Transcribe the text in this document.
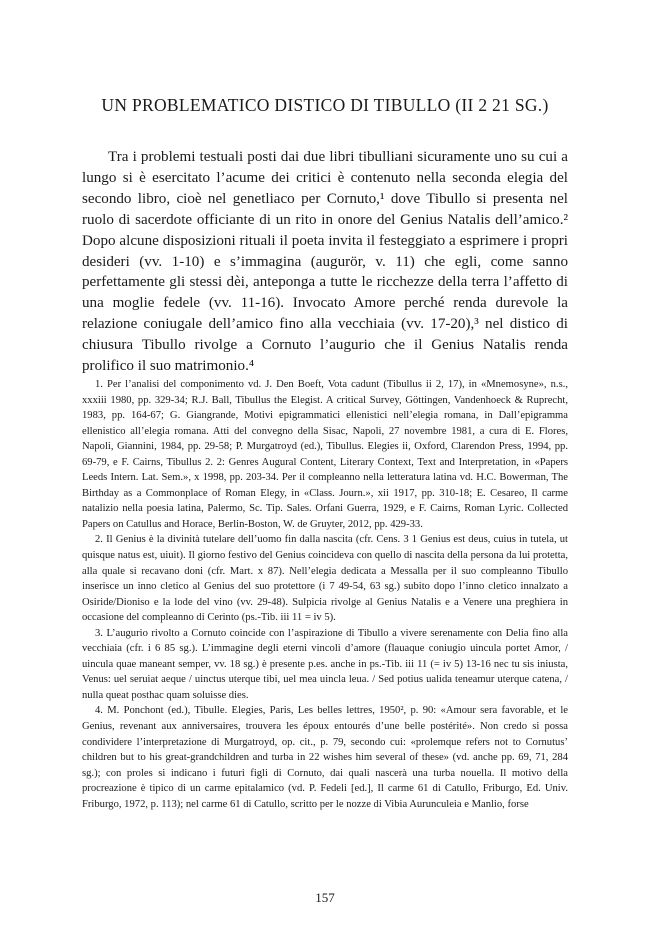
UN PROBLEMATICO DISTICO DI TIBULLO (II 2 21 SG.)

Tra i problemi testuali posti dai due libri tibulliani sicuramente uno su cui a lungo si è esercitato l’acume dei critici è contenuto nella seconda elegia del secondo libro, cioè nel genetliaco per Cornuto,¹ dove Tibullo si presenta nel ruolo di sacerdote officiante di un rito in onore del Genius Natalis dell’amico.² Dopo alcune disposizioni rituali il poeta invita il festeggiato a esprimere i propri desideri (vv. 1-10) e s’immagina (augurör, v. 11) che egli, come sanno perfettamente gli stessi dèi, anteponga a tutte le ricchezze della terra l’affetto di una moglie fedele (vv. 11-16). Invocato Amore perché renda durevole la relazione coniugale dell’amico fino alla vecchiaia (vv. 17-20),³ nel distico di chiusura Tibullo rivolge a Cornuto l’augurio che il Genius Natalis renda prolifico il suo matrimonio.⁴

1. Per l’analisi del componimento vd. J. Den Boeft, Vota cadunt (Tibullus ii 2, 17), in «Mnemosyne», n.s., xxxiii 1980, pp. 329-34; R.J. Ball, Tibullus the Elegist. A critical Survey, Göttingen, Vandenhoeck & Ruprecht, 1983, pp. 164-67; G. Giangrande, Motivi epigrammatici ellenistici nell’elegia romana, in Dall’epigramma ellenistico all’elegia romana. Atti del convegno della Sisac, Napoli, 27 novembre 1981, a cura di E. Flores, Napoli, Giannini, 1984, pp. 29-58; P. Murgatroyd (ed.), Tibullus. Elegies ii, Oxford, Clarendon Press, 1994, pp. 69-79, e F. Cairns, Tibullus 2. 2: Genres Augural Content, Literary Context, Text and Interpretation, in «Papers Leeds Intern. Lat. Sem.», x 1998, pp. 203-34. Per il compleanno nella letteratura latina vd. H.C. Bowerman, The Birthday as a Commonplace of Roman Elegy, in «Class. Journ.», xii 1917, pp. 310-18; E. Cesareo, Il carme natalizio nella poesia latina, Palermo, Sc. Tip. Sales. Orfani Guerra, 1929, e F. Cairns, Roman Lyric. Collected Papers on Catullus and Horace, Berlin-Boston, W. de Gruyter, 2012, pp. 429-33.

2. Il Genius è la divinità tutelare dell’uomo fin dalla nascita (cfr. Cens. 3 1 Genius est deus, cuius in tutela, ut quisque natus est, uiuit). Il giorno festivo del Genius coincideva con quello di nascita della persona da lui protetta, alla quale si recavano doni (cfr. Mart. x 87). Nell’elegia dedicata a Messalla per il suo compleanno Tibullo inserisce un inno cletico al Genius del suo protettore (i 7 49-54, 63 sg.) subito dopo l’inno cletico innalzato a Osiride/Dioniso e la lode del vino (vv. 29-48). Sulpicia rivolge al Genius Natalis e a Venere una preghiera in occasione del compleanno di Cerinto (ps.-Tib. iii 11 = iv 5).

3. L’augurio rivolto a Cornuto coincide con l’aspirazione di Tibullo a vivere serenamente con Delia fino alla vecchiaia (cfr. i 6 85 sg.). L’immagine degli eterni vincoli d’amore (flauaque coniugio uincula portet Amor, / uincula quae maneant semper, vv. 18 sg.) è presente p.es. anche in ps.-Tib. iii 11 (= iv 5) 13-16 nec tu sis iniusta, Venus: uel seruiat aeque / uinctus uterque tibi, uel mea uincla leua. / Sed potius ualida teneamur uterque catena, / nulla queat posthac quam soluisse dies.

4. M. Ponchont (ed.), Tibulle. Elegies, Paris, Les belles lettres, 1950², p. 90: «Amour sera favorable, et le Genius, revenant aux anniversaires, trouvera les époux entourés d’une belle postérité». Non credo si possa condividere l’interpretazione di Murgatroyd, op. cit., p. 79, secondo cui: «prolemque refers not to Cornutus’ children but to his great-grandchildren and turba in 22 wishes him several of these» (vd. anche pp. 69, 71, 284 sg.); con proles si indicano i futuri figli di Cornuto, dai quali nascerà una turba nouella. Il motivo della procreazione è tipico di un carme epitalamico (vd. P. Fedeli [ed.], Il carme 61 di Catullo, Friburgo, Ed. Univ. Friburgo, 1972, p. 113); nel carme 61 di Catullo, scritto per le nozze di Vibia Aurunculeia e Manlio, forse

157
